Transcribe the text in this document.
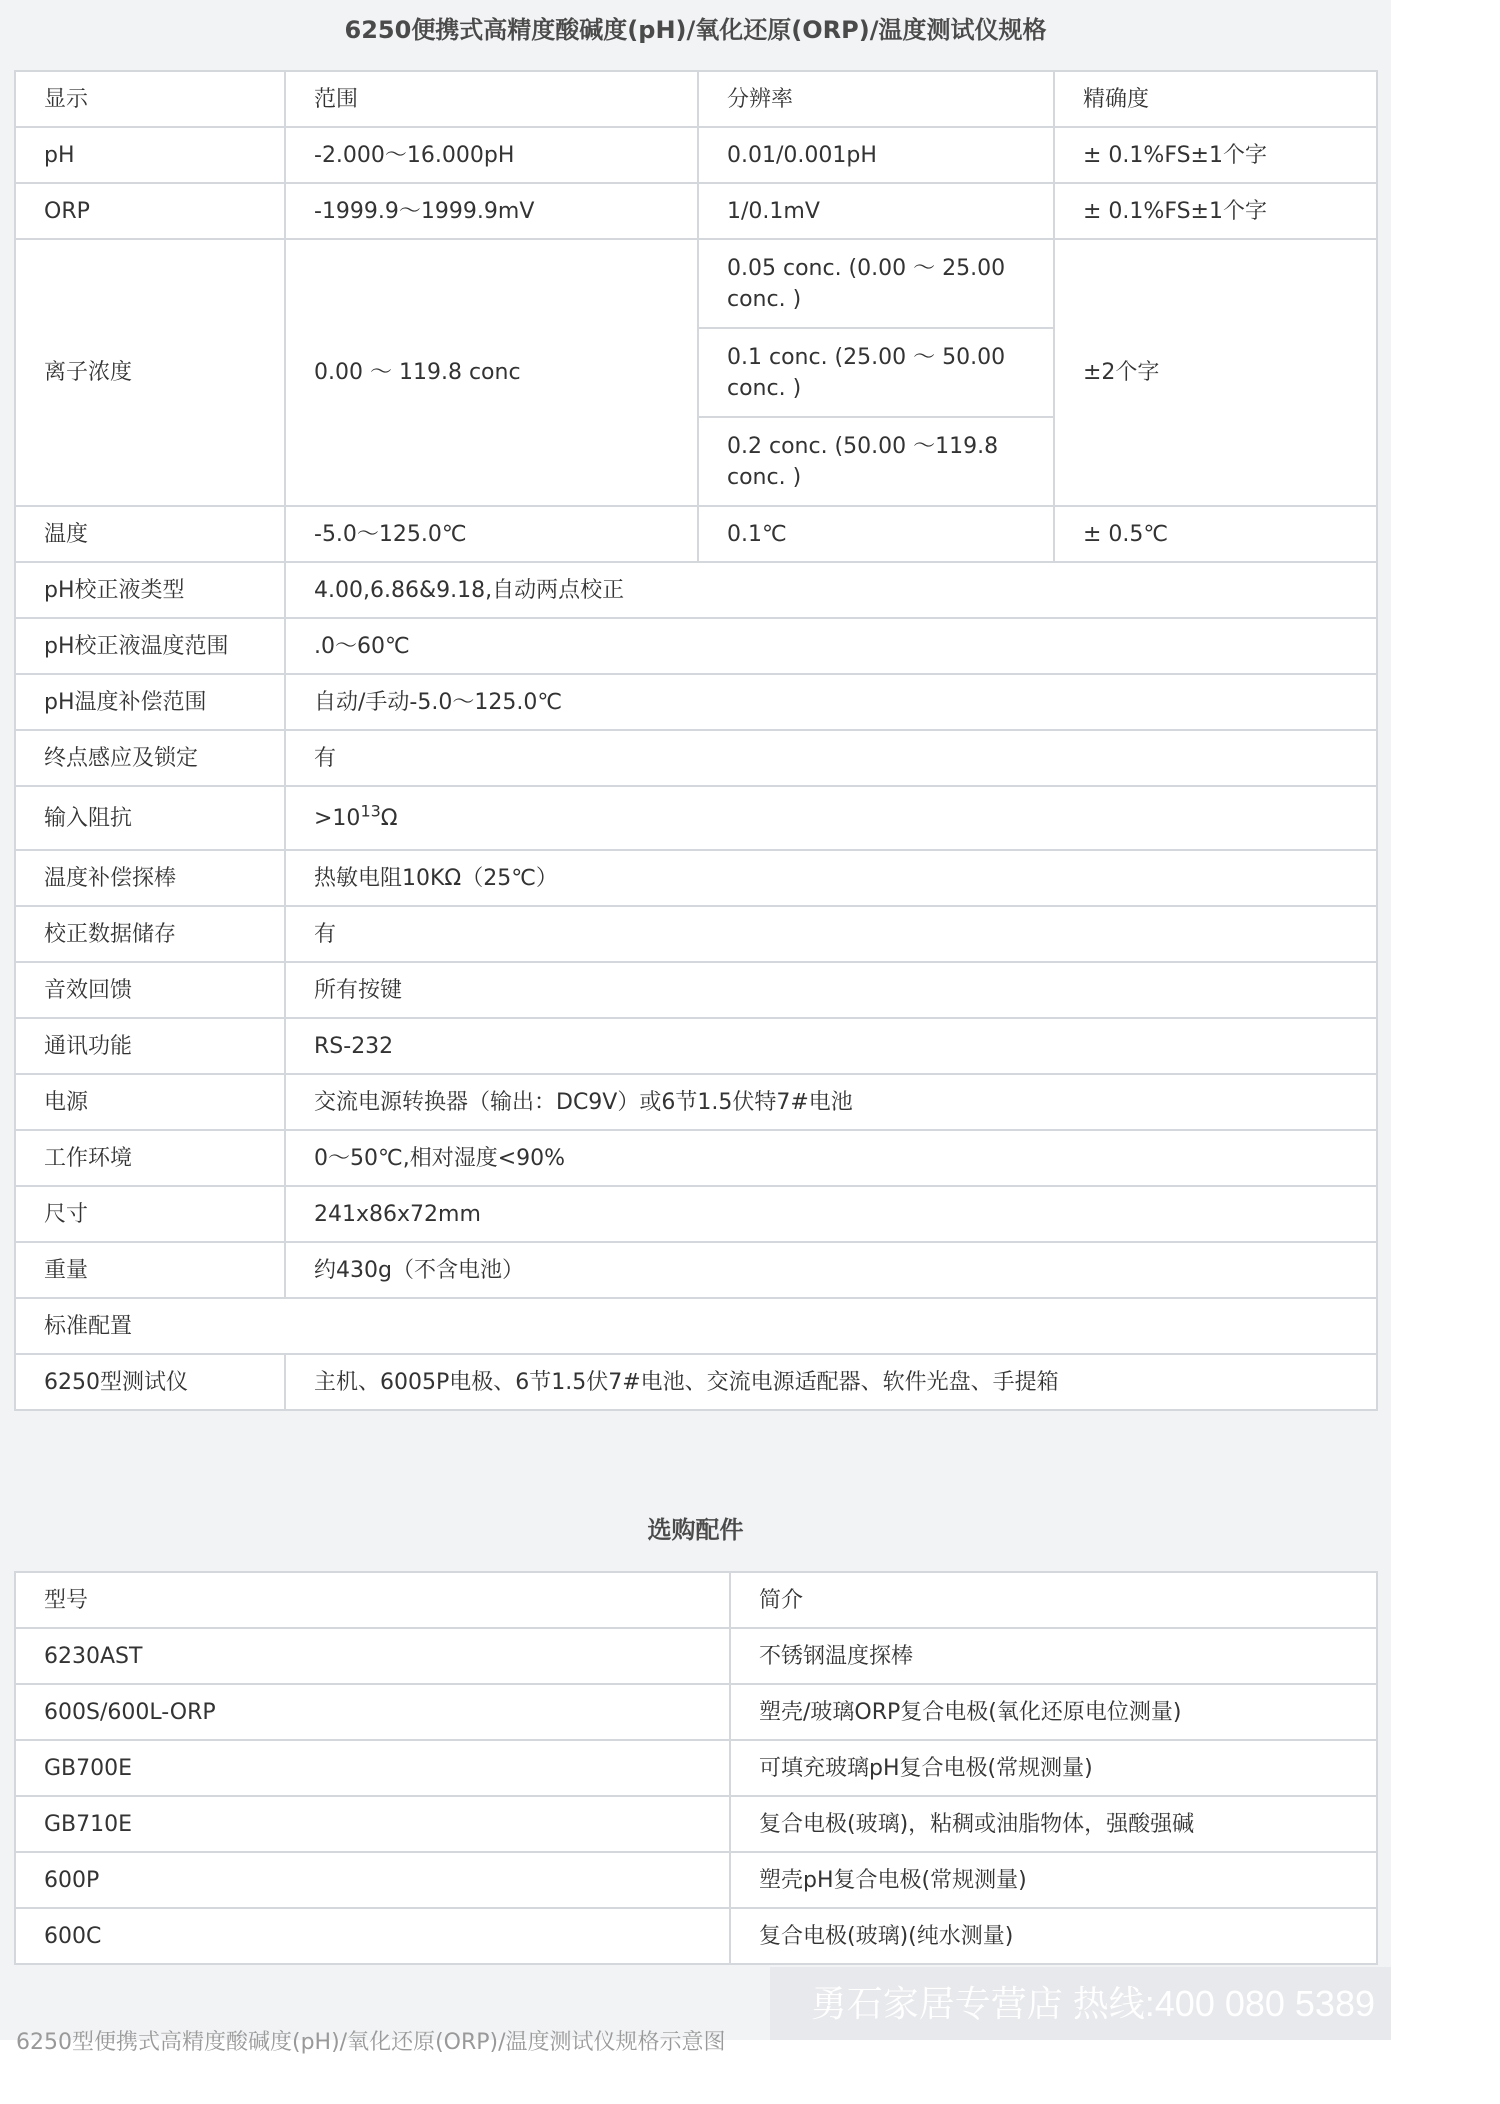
6250便携式高精度酸碱度(pH)/氧化还原(ORP)/温度测试仪规格
显示	范围	分辨率	精确度
pH	-2.000～16.000pH	0.01/0.001pH	± 0.1%FS±1个字
ORP	-1999.9～1999.9mV	1/0.1mV	± 0.1%FS±1个字
离子浓度	0.00 ～ 119.8 conc	0.05 conc. (0.00 ～ 25.00 conc. )	±2个字
		0.1 conc. (25.00 ～ 50.00 conc. )	
		0.2 conc. (50.00 ～119.8 conc. )	
温度	-5.0～125.0℃	0.1℃	± 0.5℃
pH校正液类型	4.00,6.86&9.18,自动两点校正		
pH校正液温度范围	.0～60℃		
pH温度补偿范围	自动/手动-5.0～125.0℃		
终点感应及锁定	有		
输入阻抗	$>10^{13}\Omega$		
温度补偿探棒	热敏电阻10KΩ（25℃）		
校正数据储存	有		
音效回馈	所有按键		
通讯功能	RS-232		
电源	交流电源转换器（输出：DC9V）或6节1.5伏特7#电池		
工作环境	0～50℃,相对湿度<90%		
尺寸	241x86x72mm		
重量	约430g（不含电池）		
标准配置			
6250型测试仪	主机、6005P电极、6节1.5伏7#电池、交流电源适配器、软件光盘、手提箱		
选购配件
型号	简介
6230AST	不锈钢温度探棒
600S/600L-ORP	塑壳/玻璃ORP复合电极(氧化还原电位测量)
GB700E	可填充玻璃pH复合电极(常规测量)
GB710E	复合电极(玻璃)，粘稠或油脂物体，强酸强碱
600P	塑壳pH复合电极(常规测量)
600C	复合电极(玻璃)(纯水测量)
勇石家居专营店 热线:400 080 5389
6250型便携式高精度酸碱度(pH)/氧化还原(ORP)/温度测试仪规格示意图
